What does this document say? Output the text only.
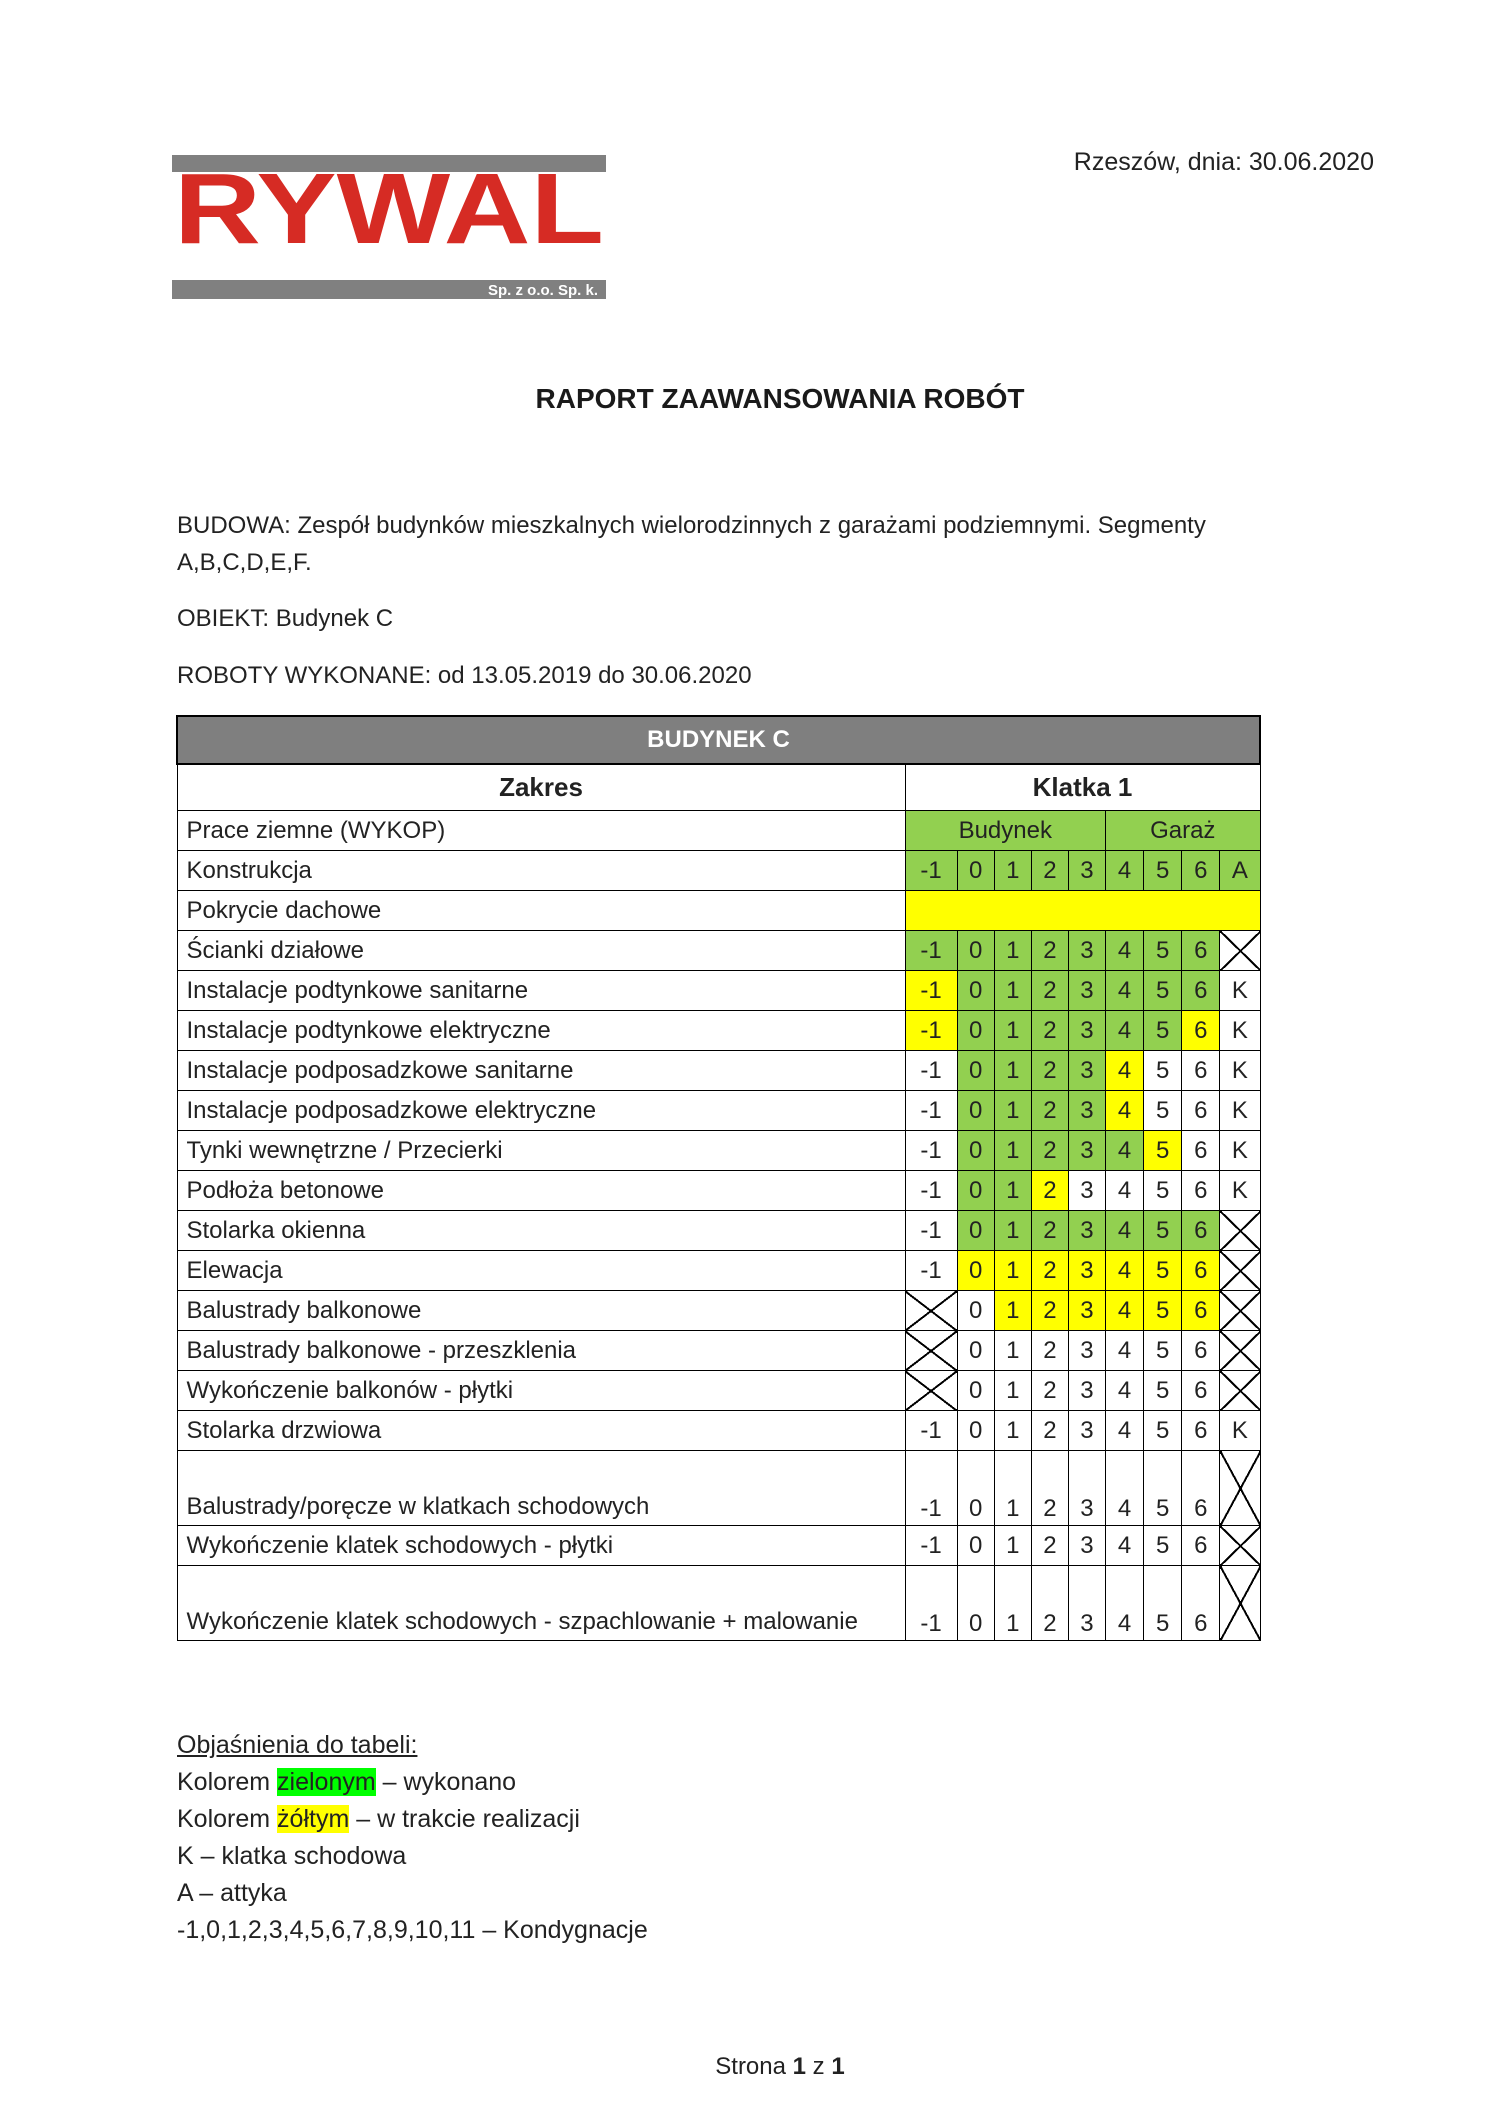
Rzeszów, dnia: 30.06.2020
RYWAL
Sp. z o.o. Sp. k.
RAPORT ZAAWANSOWANIA ROBÓT
BUDOWA: Zespół budynków mieszkalnych wielorodzinnych z garażami podziemnymi. Segmenty A,B,C,D,E,F.
OBIEKT: Budynek C
ROBOTY WYKONANE: od 13.05.2019 do 30.06.2020
BUDYNEK C									
Zakres	Klatka 1								
Prace ziemne (WYKOP)	Budynek					Garaż			
Konstrukcja	-1	0	1	2	3	4	5	6	A
Pokrycie dachowe									
Ścianki działowe	-1	0	1	2	3	4	5	6	
Instalacje podtynkowe sanitarne	-1	0	1	2	3	4	5	6	K
Instalacje podtynkowe elektryczne	-1	0	1	2	3	4	5	6	K
Instalacje podposadzkowe sanitarne	-1	0	1	2	3	4	5	6	K
Instalacje podposadzkowe elektryczne	-1	0	1	2	3	4	5	6	K
Tynki wewnętrzne / Przecierki	-1	0	1	2	3	4	5	6	K
Podłoża betonowe	-1	0	1	2	3	4	5	6	K
Stolarka okienna	-1	0	1	2	3	4	5	6	
Elewacja	-1	0	1	2	3	4	5	6	
Balustrady balkonowe		0	1	2	3	4	5	6	
Balustrady balkonowe - przeszklenia		0	1	2	3	4	5	6	
Wykończenie balkonów - płytki		0	1	2	3	4	5	6	
Stolarka drzwiowa	-1	0	1	2	3	4	5	6	K
Balustrady/poręcze w klatkach schodowych	-1	0	1	2	3	4	5	6	
Wykończenie klatek schodowych - płytki	-1	0	1	2	3	4	5	6	
Wykończenie klatek schodowych - szpachlowanie + malowanie	-1	0	1	2	3	4	5	6	
Objaśnienia do tabeli:
Kolorem zielonym – wykonano
Kolorem żółtym – w trakcie realizacji
K – klatka schodowa
A – attyka
-1,0,1,2,3,4,5,6,7,8,9,10,11 – Kondygnacje
Strona 1 z 1
